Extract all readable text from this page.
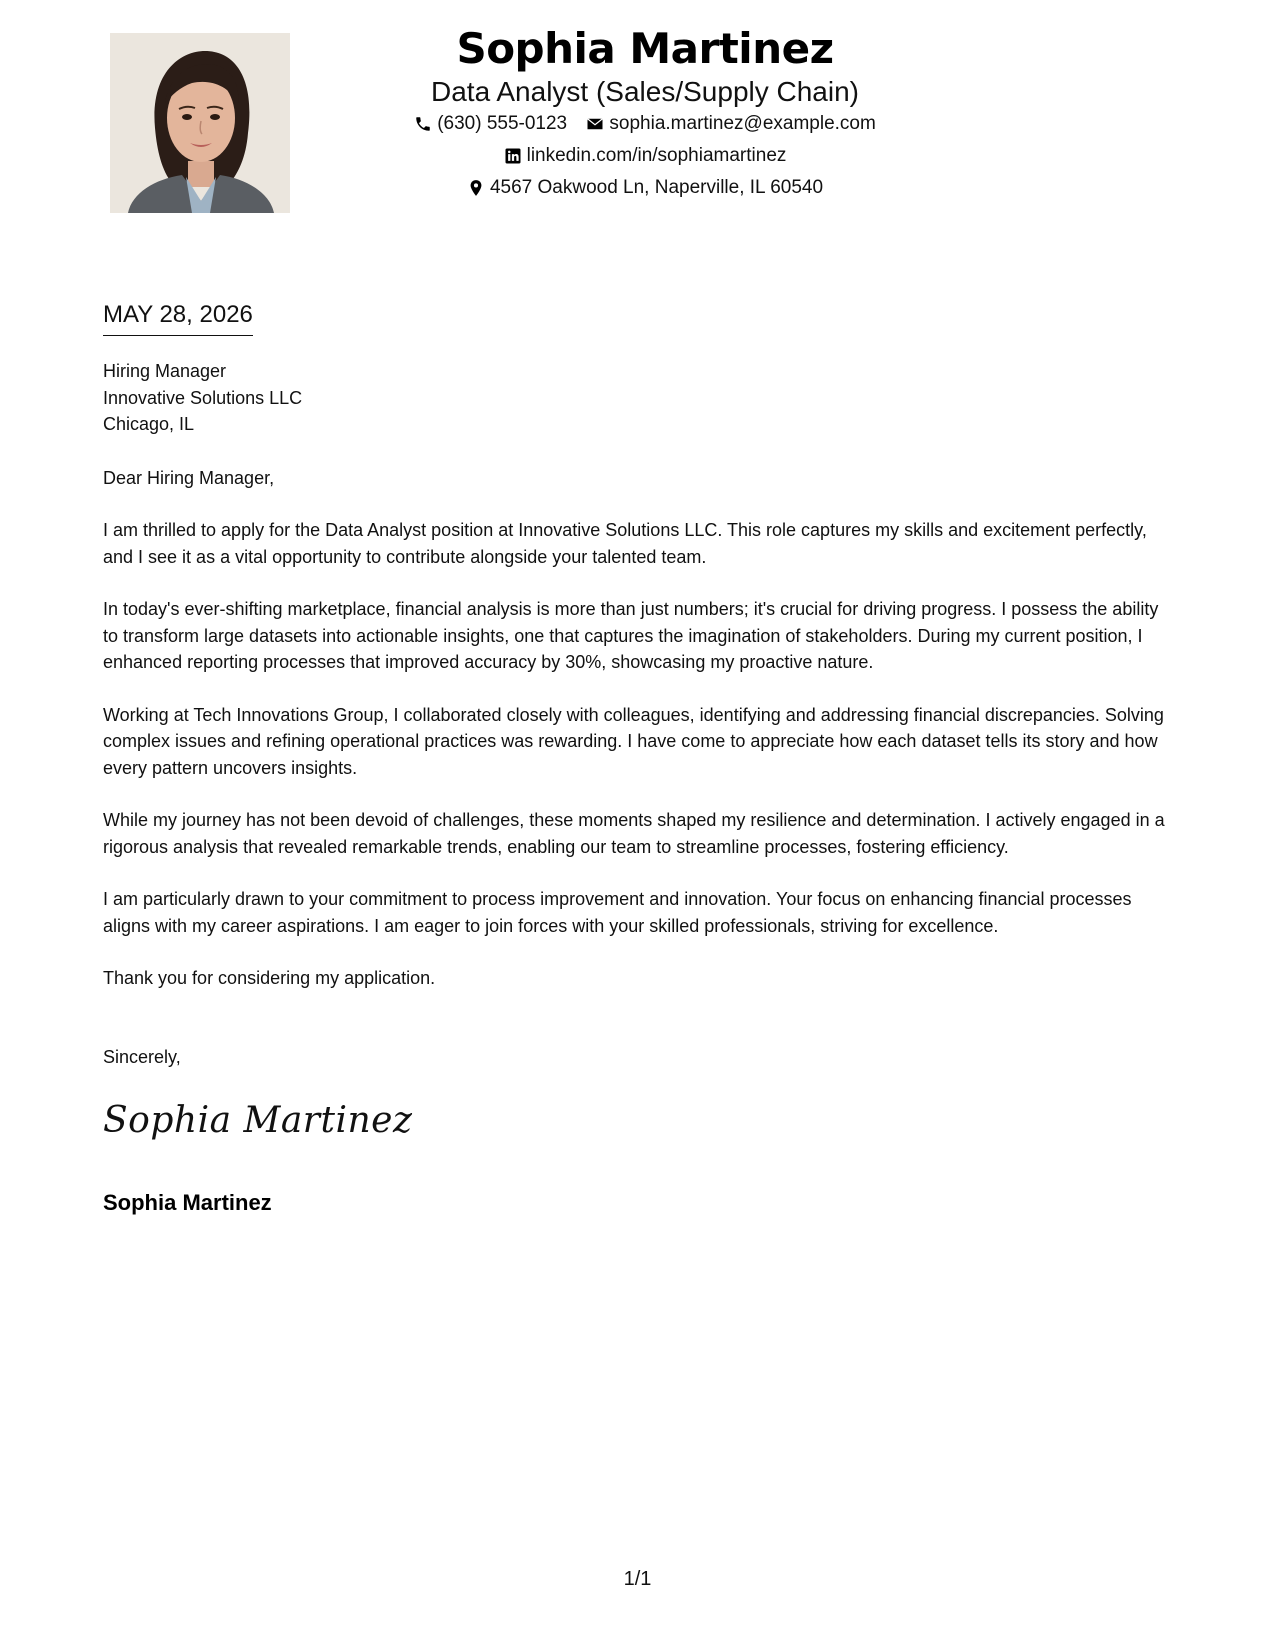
Sophia Martinez
Data Analyst (Sales/Supply Chain)
(630) 555-0123
sophia.martinez@example.com
linkedin.com/in/sophiamartinez
4567 Oakwood Ln, Naperville, IL 60540
MAY 28, 2026
Hiring Manager
Innovative Solutions LLC
Chicago, IL
Dear Hiring Manager,
I am thrilled to apply for the Data Analyst position at Innovative Solutions LLC. This role captures my skills and excitement perfectly, and I see it as a vital opportunity to contribute alongside your talented team.
In today's ever-shifting marketplace, financial analysis is more than just numbers; it's crucial for driving progress. I possess the ability to transform large datasets into actionable insights, one that captures the imagination of stakeholders. During my current position, I enhanced reporting processes that improved accuracy by 30%, showcasing my proactive nature.
Working at Tech Innovations Group, I collaborated closely with colleagues, identifying and addressing financial discrepancies. Solving complex issues and refining operational practices was rewarding. I have come to appreciate how each dataset tells its story and how every pattern uncovers insights.
While my journey has not been devoid of challenges, these moments shaped my resilience and determination. I actively engaged in a rigorous analysis that revealed remarkable trends, enabling our team to streamline processes, fostering efficiency.
I am particularly drawn to your commitment to process improvement and innovation. Your focus on enhancing financial processes aligns with my career aspirations. I am eager to join forces with your skilled professionals, striving for excellence.
Thank you for considering my application.
Sincerely,
Sophia Martinez
Sophia Martinez
1/1
